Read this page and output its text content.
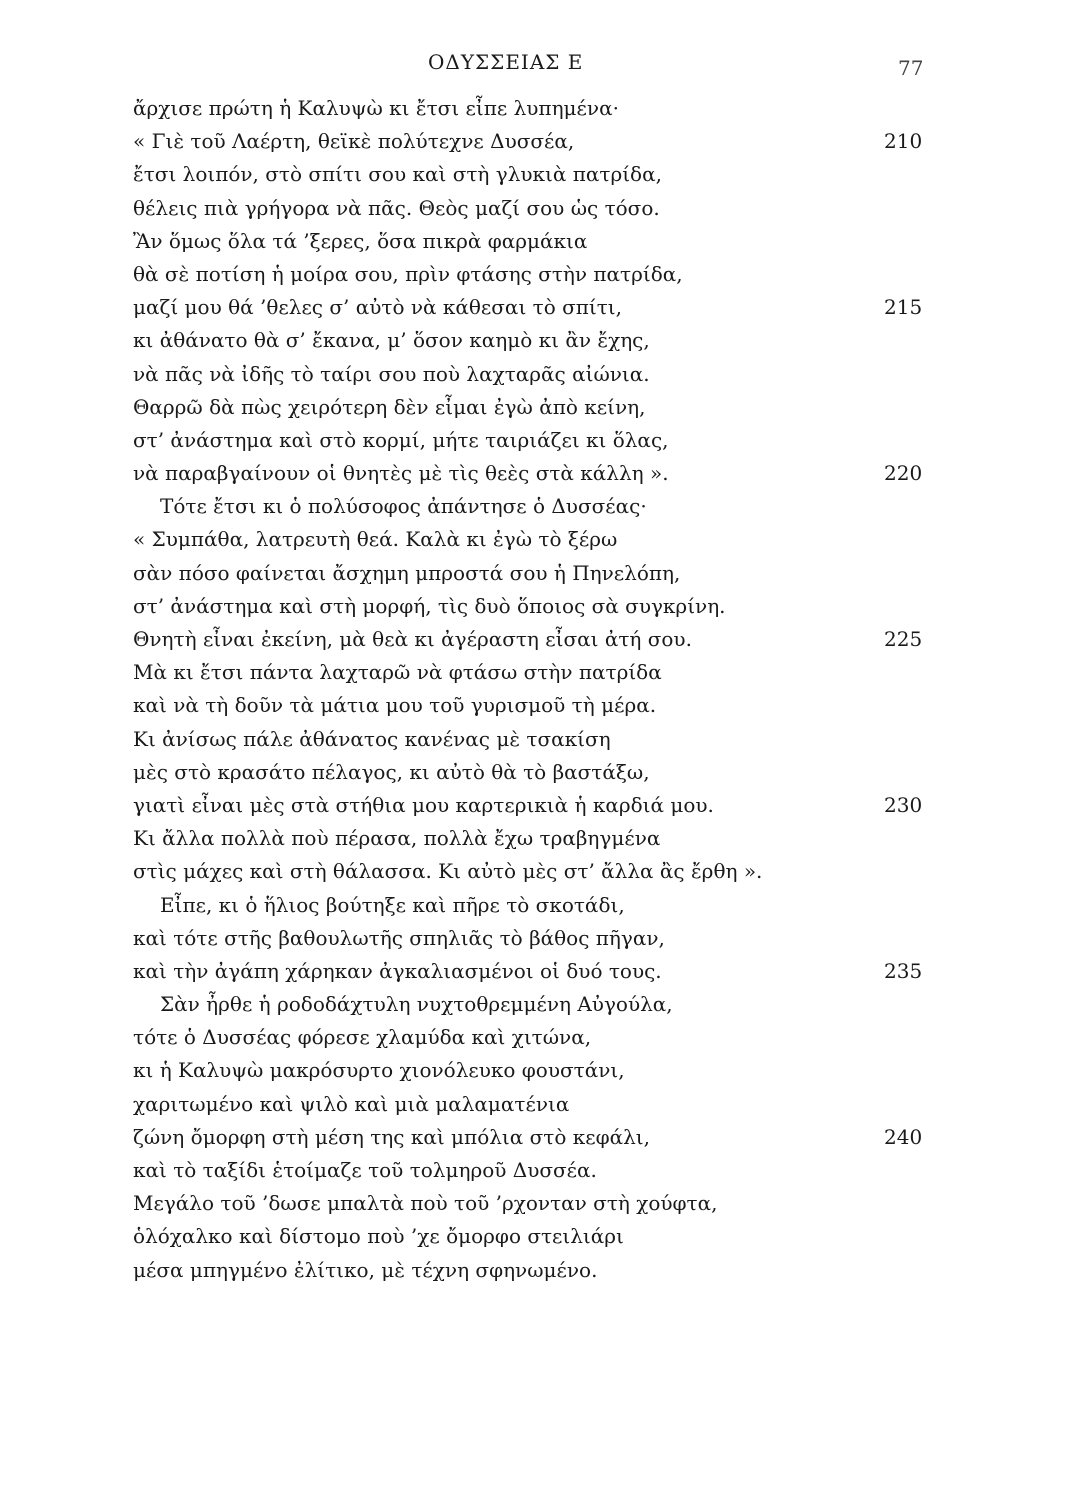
ΟΔΥΣΣΕΙΑΣ Ε	77
ἄρχισε πρώτη ἡ Καλυψὼ κι ἔτσι εἶπε λυπημένα·
« Γιὲ τοῦ Λαέρτη, θεϊκὲ πολύτεχνε Δυσσέα,	210
ἔτσι λοιπόν, στὸ σπίτι σου καὶ στὴ γλυκιὰ πατρίδα,
θέλεις πιὰ γρήγορα νὰ πᾶς. Θεὸς μαζί σου ὡς τόσο.
Ἂν ὅμως ὅλα τά ’ξερες, ὅσα πικρὰ φαρμάκια
θὰ σὲ ποτίση ἡ μοίρα σου, πρὶν φτάσης στὴν πατρίδα,
μαζί μου θά ’θελες σ’ αὐτὸ νὰ κάθεσαι τὸ σπίτι,	215
κι ἀθάνατο θὰ σ’ ἔκανα, μ’ ὅσον καημὸ κι ἂν ἔχης,
νὰ πᾶς νὰ ἰδῆς τὸ ταίρι σου ποὺ λαχταρᾶς αἰώνια.
Θαρρῶ δὰ πὼς χειρότερη δὲν εἶμαι ἐγὼ ἀπὸ κείνη,
στ’ ἀνάστημα καὶ στὸ κορμί, μήτε ταιριάζει κι ὅλας,
νὰ παραβγαίνουν οἱ θνητὲς μὲ τὶς θεὲς στὰ κάλλη ».	220
Τότε ἔτσι κι ὁ πολύσοφος ἀπάντησε ὁ Δυσσέας·
« Συμπάθα, λατρευτὴ θεά. Καλὰ κι ἐγὼ τὸ ξέρω
σὰν πόσο φαίνεται ἄσχημη μπροστά σου ἡ Πηνελόπη,
στ’ ἀνάστημα καὶ στὴ μορφή, τὶς δυὸ ὅποιος σὰ συγκρίνη.
Θνητὴ εἶναι ἐκείνη, μὰ θεὰ κι ἀγέραστη εἶσαι ἀτή σου.	225
Μὰ κι ἔτσι πάντα λαχταρῶ νὰ φτάσω στὴν πατρίδα
καὶ νὰ τὴ δοῦν τὰ μάτια μου τοῦ γυρισμοῦ τὴ μέρα.
Κι ἀνίσως πάλε ἀθάνατος κανένας μὲ τσακίση
μὲς στὸ κρασάτο πέλαγος, κι αὐτὸ θὰ τὸ βαστάξω,
γιατὶ εἶναι μὲς στὰ στήθια μου καρτερικιὰ ἡ καρδιά μου.	230
Κι ἄλλα πολλὰ ποὺ πέρασα, πολλὰ ἔχω τραβηγμένα
στὶς μάχες καὶ στὴ θάλασσα. Κι αὐτὸ μὲς στ’ ἄλλα ἂς ἔρθη ».
Εἶπε, κι ὁ ἥλιος βούτηξε καὶ πῆρε τὸ σκοτάδι,
καὶ τότε στῆς βαθουλωτῆς σπηλιᾶς τὸ βάθος πῆγαν,
καὶ τὴν ἀγάπη χάρηκαν ἀγκαλιασμένοι οἱ δυό τους.	235
Σὰν ἦρθε ἡ ροδοδάχτυλη νυχτοθρεμμένη Αὐγούλα,
τότε ὁ Δυσσέας φόρεσε χλαμύδα καὶ χιτώνα,
κι ἡ Καλυψὼ μακρόσυρτο χιονόλευκο φουστάνι,
χαριτωμένο καὶ ψιλὸ καὶ μιὰ μαλαματένια
ζώνη ὄμορφη στὴ μέση της καὶ μπόλια στὸ κεφάλι,	240
καὶ τὸ ταξίδι ἑτοίμαζε τοῦ τολμηροῦ Δυσσέα.
Μεγάλο τοῦ ’δωσε μπαλτὰ ποὺ τοῦ ’ρχονταν στὴ χούφτα,
ὁλόχαλκο καὶ δίστομο ποὺ ’χε ὄμορφο στειλιάρι
μέσα μπηγμένο ἐλίτικο, μὲ τέχνη σφηνωμένο.
